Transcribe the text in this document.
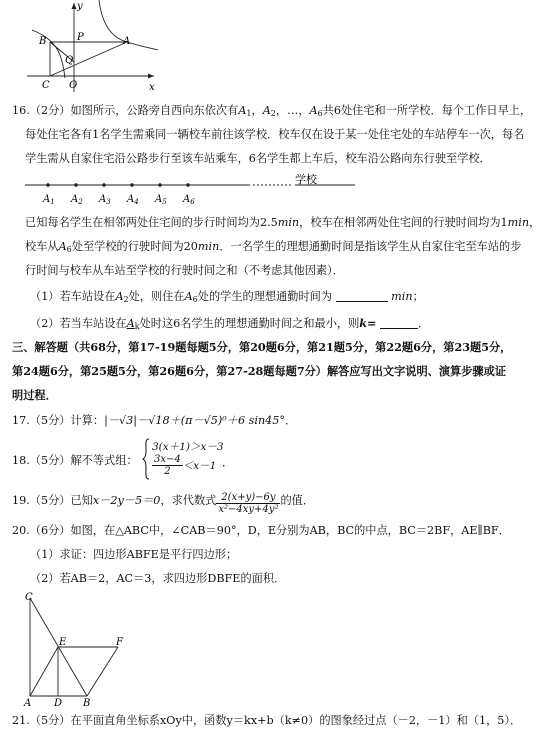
y
B	P	A
Q
C O	x
16.（2分）如图所示，公路旁自西向东依次有$A_1$，$A_2$，…，$A_6$共6处住宅和一所学校．每个工作日早上，
每处住宅各有1名学生需乘同一辆校车前往该学校．校车仅在设于某一处住宅处的车站停车一次，每名
学生需从自家住宅沿公路步行至该车站乘车，6名学生都上车后，校车沿公路向东行驶至学校．
$A_1$ $A_2$ $A_3$ $A_4$ $A_5$ $A_6$
学校
已知每名学生在相邻两处住宅间的步行时间均为2.5min，校车在相邻两处住宅间的行驶时间均为1min，
校车从$A_6$处至学校的行驶时间为20min．一名学生的理想通勤时间是指该学生从自家住宅至车站的步
行时间与校车从车站至学校的行驶时间之和（不考虑其他因素）．
（1）若车站设在$A_2$处，则住在$A_6$处的学生的理想通勤时间为	min；
（2）若当车站设在$A_k$处时这6名学生的理想通勤时间之和最小，则k=	．
三、解答题（共68分，第17-19题每题5分，第20题6分，第21题5分，第22题6分，第23题5分，
第24题6分，第25题5分，第26题6分，第27-28题每题7分）解答应写出文字说明、演算步骤或证
明过程．
17.（5分）计算：|－√3|－√18＋(π－√5)⁰＋6 sin45°．
18.（5分）解不等式组：
3(x＋1)＞x－3
$\frac{3x-4}{2} <x-1$ ．
19.（5分）已知x－2y－5＝0，求代数式 $\frac{2(x+y)-6y}{\text{x²−4xy+4y²}}$ 的值．
20.（6分）如图，在△ABC中，∠CAB＝90°，D，E分别为AB，BC的中点，BC＝2BF，AE∥BF．
（1）求证：四边形ABFE是平行四边形；
（2）若AB＝2，AC＝3，求四边形DBFE的面积．
C
E	F
A D B
21.（5分）在平面直角坐标系xOy中，函数y＝kx+b（k≠0）的图象经过点（－2，－1）和（1，5）．
